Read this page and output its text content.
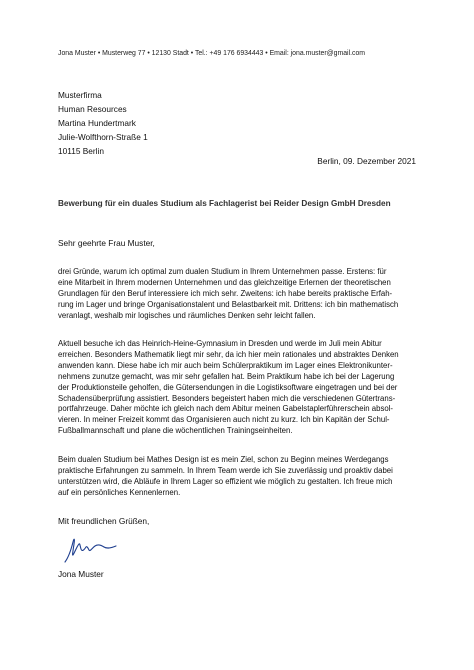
Jona Muster • Musterweg 77 • 12130 Stadt • Tel.: +49 176 6934443 • Email: jona.muster@gmail.com
Musterfirma
Human Resources
Martina Hundertmark
Julie-Wolfthorn-Straße 1
10115 Berlin
Berlin, 09. Dezember 2021
Bewerbung für ein duales Studium als Fachlagerist bei Reider Design GmbH Dresden
Sehr geehrte Frau Muster,
drei Gründe, warum ich optimal zum dualen Studium in Ihrem Unternehmen passe. Erstens: für
eine Mitarbeit in Ihrem modernen Unternehmen und das gleichzeitige Erlernen der theoretischen
Grundlagen für den Beruf interessiere ich mich sehr. Zweitens: ich habe bereits praktische Erfah-
rung im Lager und bringe Organisationstalent und Belastbarkeit mit. Drittens: ich bin mathematisch
veranlagt, weshalb mir logisches und räumliches Denken sehr leicht fallen.
Aktuell besuche ich das Heinrich-Heine-Gymnasium in Dresden und werde im Juli mein Abitur
erreichen. Besonders Mathematik liegt mir sehr, da ich hier mein rationales und abstraktes Denken
anwenden kann. Diese habe ich mir auch beim Schülerpraktikum im Lager eines Elektronikunter-
nehmens zunutze gemacht, was mir sehr gefallen hat. Beim Praktikum habe ich bei der Lagerung
der Produktionsteile geholfen, die Gütersendungen in die Logistiksoftware eingetragen und bei der
Schadensüberprüfung assistiert. Besonders begeistert haben mich die verschiedenen Gütertrans-
portfahrzeuge. Daher möchte ich gleich nach dem Abitur meinen Gabelstaplerführerschein absol-
vieren. In meiner Freizeit kommt das Organisieren auch nicht zu kurz. Ich bin Kapitän der Schul-
Fußballmannschaft und plane die wöchentlichen Trainingseinheiten.
Beim dualen Studium bei Mathes Design ist es mein Ziel, schon zu Beginn meines Werdegangs
praktische Erfahrungen zu sammeln. In Ihrem Team werde ich Sie zuverlässig und proaktiv dabei
unterstützen wird, die Abläufe in Ihrem Lager so effizient wie möglich zu gestalten. Ich freue mich
auf ein persönliches Kennenlernen.
Mit freundlichen Grüßen,
Jona Muster
